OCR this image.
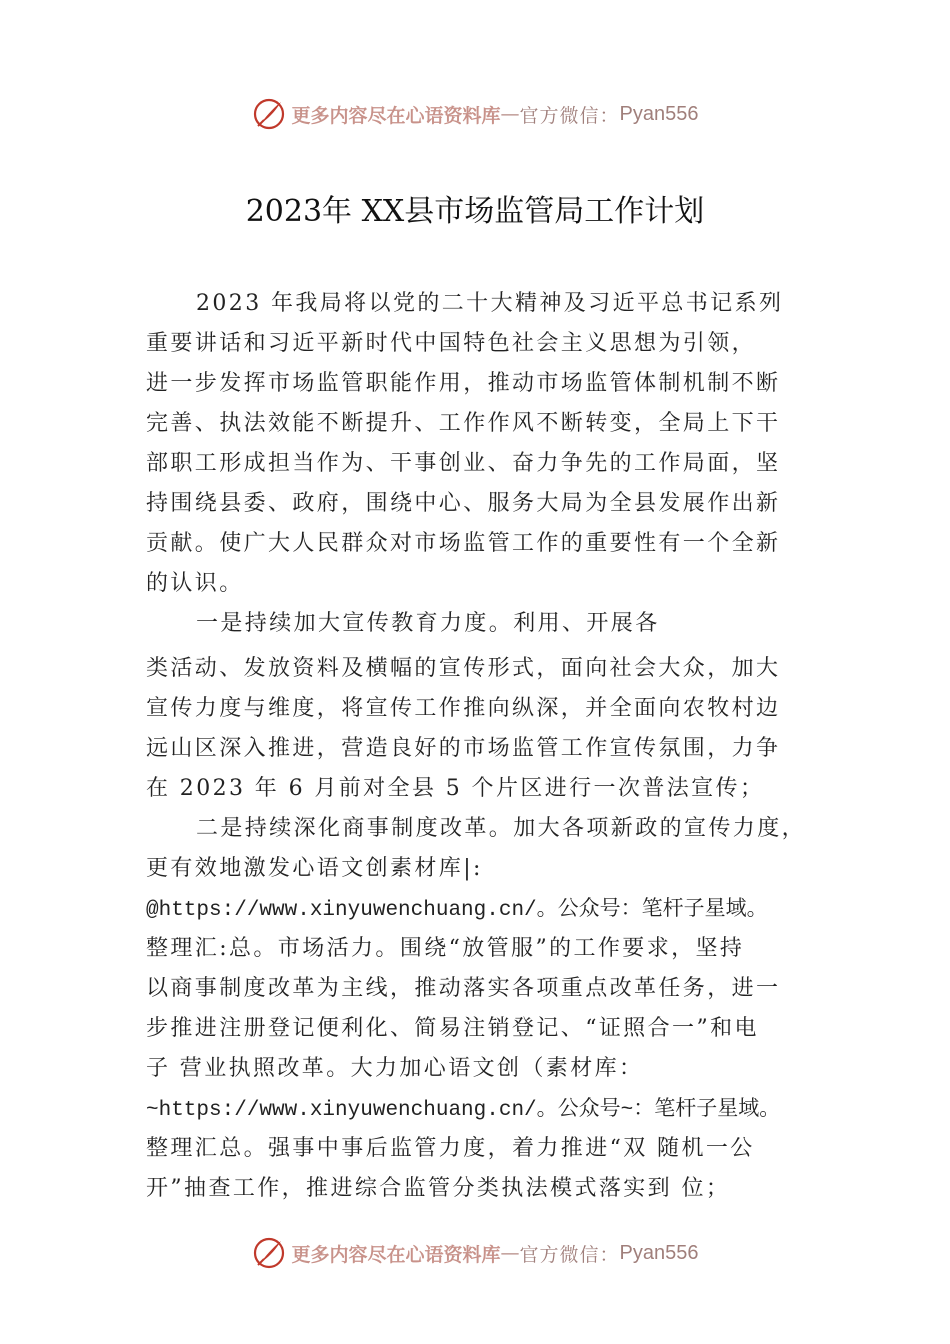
更多内容尽在心语资料库 — 官方微信： Pyan556
2023年 XX县市场监管局工作计划
2023 年我局将以党的二十大精神及习近平总书记系列
重要讲话和习近平新时代中国特色社会主义思想为引领，
进一步发挥市场监管职能作用，推动市场监管体制机制不断
完善、执法效能不断提升、工作作风不断转变，全局上下干
部职工形成担当作为、干事创业、奋力争先的工作局面，坚
持围绕县委、政府，围绕中心、服务大局为全县发展作出新
贡献。使广大人民群众对市场监管工作的重要性有一个全新
的认识。
一是持续加大宣传教育力度。利用、开展各
类活动、发放资料及横幅的宣传形式，面向社会大众，加大
宣传力度与维度，将宣传工作推向纵深，并全面向农牧村边
远山区深入推进，营造良好的市场监管工作宣传氛围，力争
在 2023 年 6 月前对全县 5 个片区进行一次普法宣传；
二是持续深化商事制度改革。加大各项新政的宣传力度，
更有效地激发心语文创素材库|:
@https://www.xinyuwenchuang.cn/。公众号：笔杆子星域。
整理汇:总。市场活力。围绕“放管服”的工作要求，坚持
以商事制度改革为主线，推动落实各项重点改革任务，进一
步推进注册登记便利化、简易注销登记、“证照合一”和电
子 营业执照改革。大力加心语文创（素材库：
~https://www.xinyuwenchuang.cn/。公众号~：笔杆子星域。
整理汇总。强事中事后监管力度，着力推进“双 随机一公
开”抽查工作，推进综合监管分类执法模式落实到 位；
更多内容尽在心语资料库 — 官方微信： Pyan556
